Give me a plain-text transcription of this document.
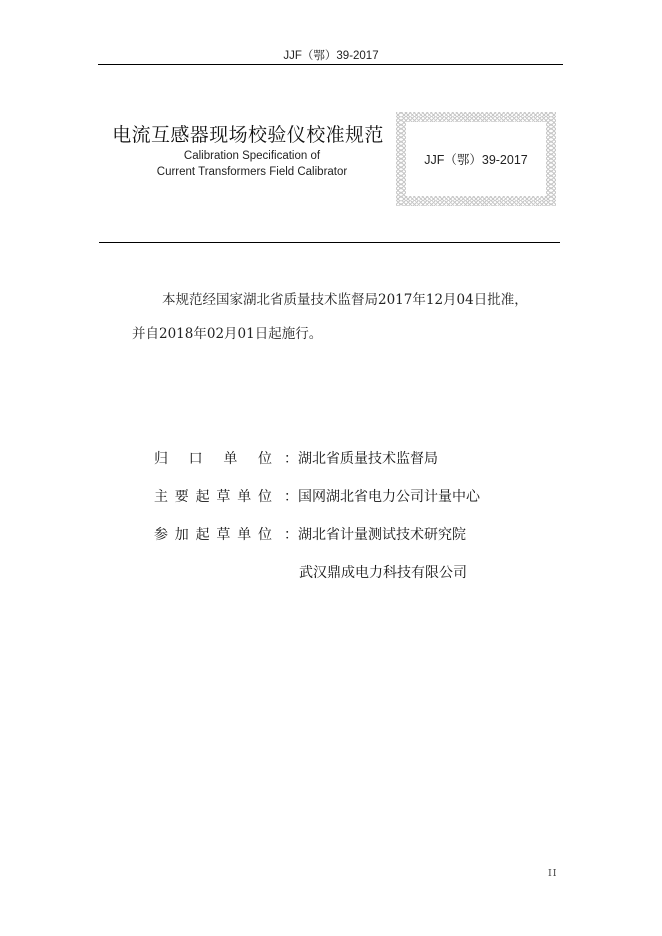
JJF（鄂）39-2017
电流互感器现场校验仪校准规范
Calibration Specification of
Current Transformers Field Calibrator
JJF（鄂）39-2017
本规范经国家湖北省质量技术监督局2017年12月04日批准，
并自2018年02月01日起施行。
归 口 单 位 ：湖北省质量技术监督局
主 要 起 草 单 位 ：国网湖北省电力公司计量中心
参 加 起 草 单 位 ：湖北省计量测试技术研究院
武汉鼎成电力科技有限公司
II
